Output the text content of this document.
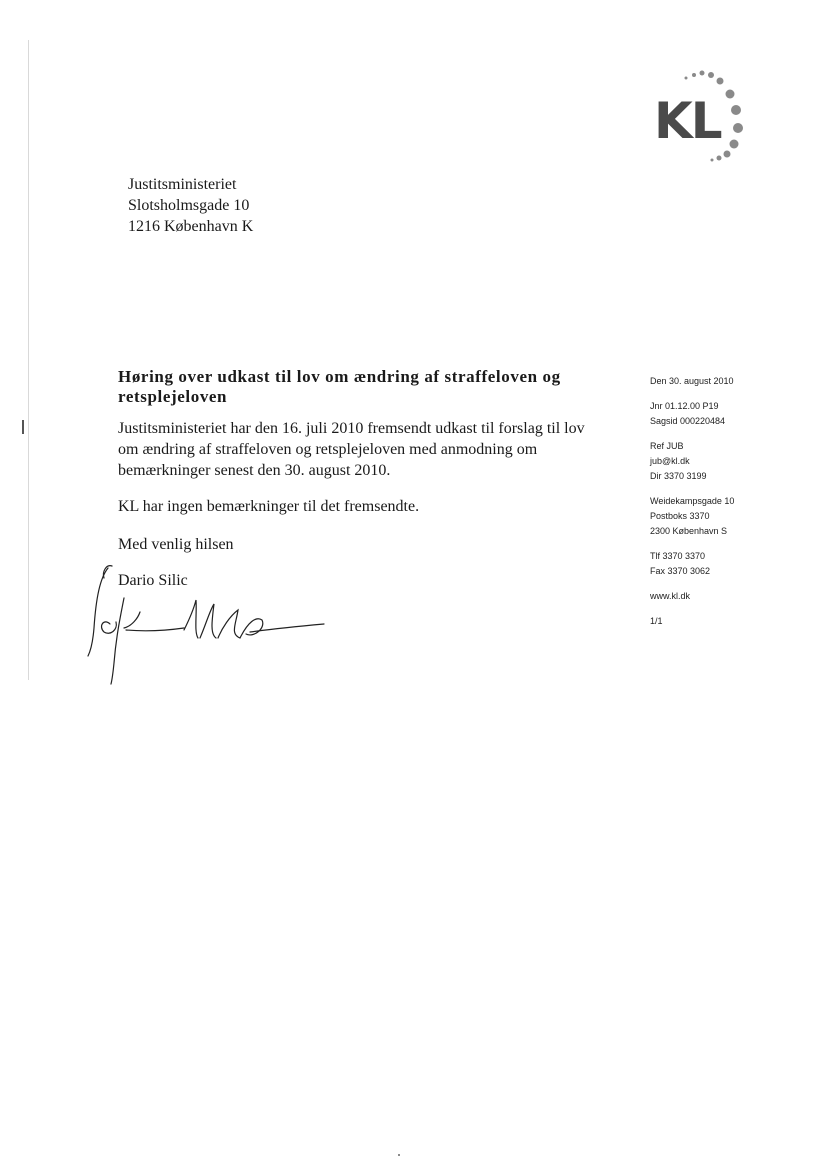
KL
Justitsministeriet
Slotsholmsgade 10
1216 København K
Høring over udkast til lov om ændring af straffeloven og retsplejeloven
Justitsministeriet har den 16. juli 2010 fremsendt udkast til forslag til lov om ændring af straffeloven og retsplejeloven med anmodning om bemærkninger senest den 30. august 2010.
KL har ingen bemærkninger til det fremsendte.
Med venlig hilsen
Dario Silic
Den 30. august 2010
Jnr 01.12.00 P19
Sagsid 000220484
Ref JUB
jub@kl.dk
Dir 3370 3199
Weidekampsgade 10
Postboks 3370
2300 København S
Tlf 3370 3370
Fax 3370 3062
www.kl.dk
1/1
